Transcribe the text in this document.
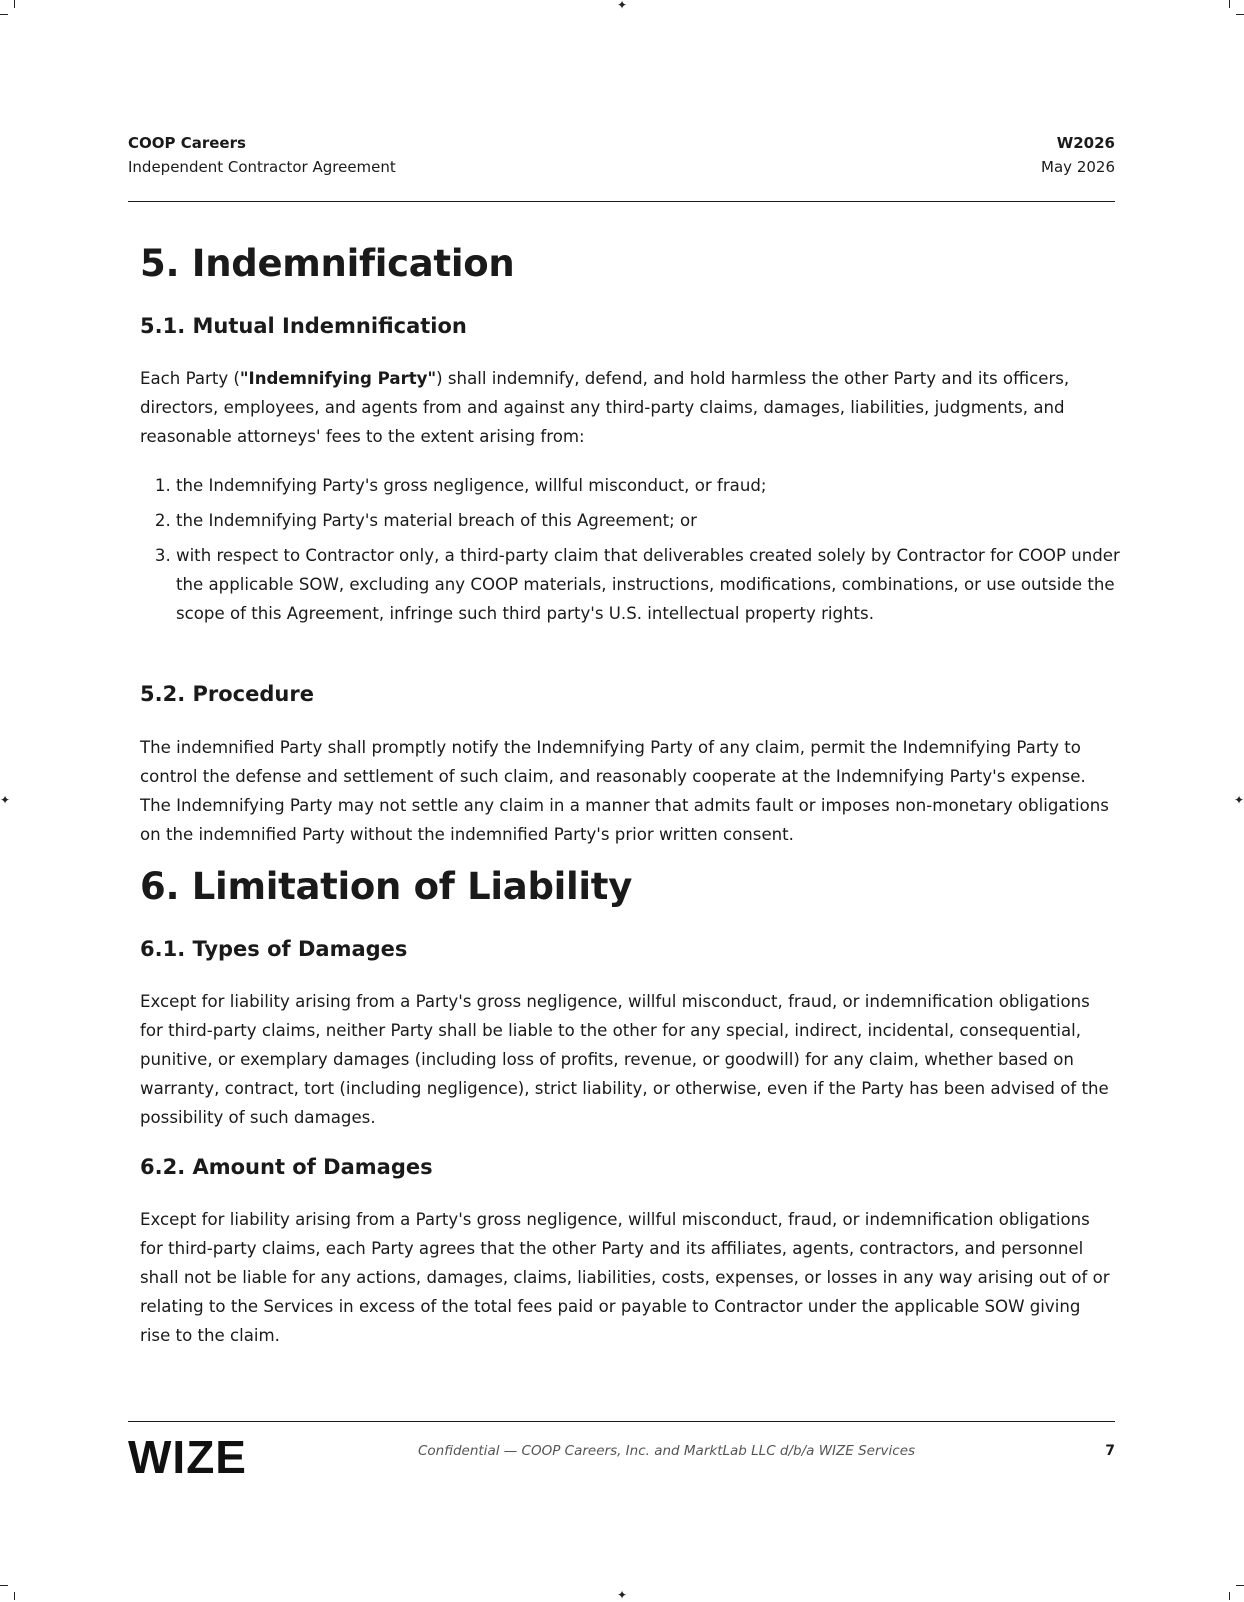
✦
✦
✦	✦
COOP Careers
Independent Contractor Agreement
W2026
May 2026
5. Indemnification
5.1. Mutual Indemnification

Each Party ("Indemnifying Party") shall indemnify, defend, and hold harmless the other Party and its officers, directors, employees, and agents from and against any third-party claims, damages, liabilities, judgments, and reasonable attorneys' fees to the extent arising from:

1. the Indemnifying Party's gross negligence, willful misconduct, or fraud;
2. the Indemnifying Party's material breach of this Agreement; or
3. with respect to Contractor only, a third-party claim that deliverables created solely by Contractor for COOP under the applicable SOW, excluding any COOP materials, instructions, modifications, combinations, or use outside the scope of this Agreement, infringe such third party's U.S. intellectual property rights.
5.2. Procedure

The indemnified Party shall promptly notify the Indemnifying Party of any claim, permit the Indemnifying Party to control the defense and settlement of such claim, and reasonably cooperate at the Indemnifying Party's expense. The Indemnifying Party may not settle any claim in a manner that admits fault or imposes non-monetary obligations on the indemnified Party without the indemnified Party's prior written consent.

6. Limitation of Liability
6.1. Types of Damages

Except for liability arising from a Party's gross negligence, willful misconduct, fraud, or indemnification obligations for third-party claims, neither Party shall be liable to the other for any special, indirect, incidental, consequential, punitive, or exemplary damages (including loss of profits, revenue, or goodwill) for any claim, whether based on warranty, contract, tort (including negligence), strict liability, or otherwise, even if the Party has been advised of the possibility of such damages.

6.2. Amount of Damages

Except for liability arising from a Party's gross negligence, willful misconduct, fraud, or indemnification obligations for third-party claims, each Party agrees that the other Party and its affiliates, agents, contractors, and personnel shall not be liable for any actions, damages, claims, liabilities, costs, expenses, or losses in any way arising out of or relating to the Services in excess of the total fees paid or payable to Contractor under the applicable SOW giving rise to the claim.

WIZE	Confidential — COOP Careers, Inc. and MarktLab LLC d/b/a WIZE Services	7
